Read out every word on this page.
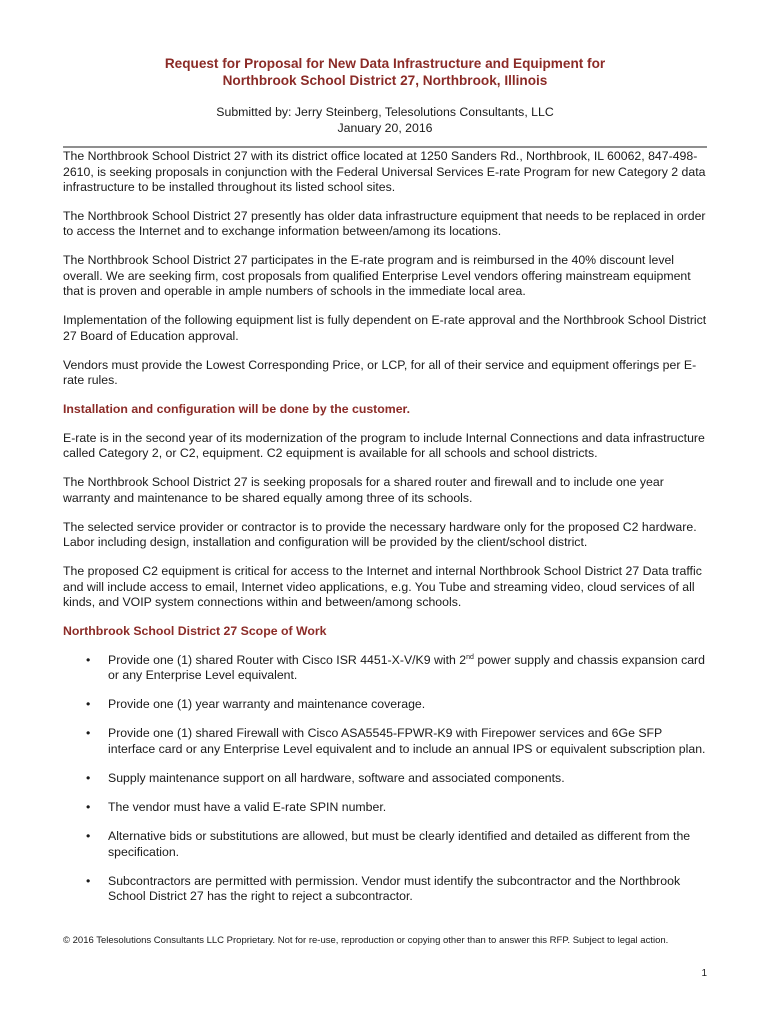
Request for Proposal for New Data Infrastructure and Equipment for
Northbrook School District 27, Northbrook, Illinois
Submitted by: Jerry Steinberg, Telesolutions Consultants, LLC
January 20, 2016

The Northbrook School District 27 with its district office located at 1250 Sanders Rd., Northbrook, IL 60062, 847-498-2610, is seeking proposals in conjunction with the Federal Universal Services E-rate Program for new Category 2 data infrastructure to be installed throughout its listed school sites.

The Northbrook School District 27 presently has older data infrastructure equipment that needs to be replaced in order to access the Internet and to exchange information between/among its locations.

The Northbrook School District 27 participates in the E-rate program and is reimbursed in the 40% discount level overall. We are seeking firm, cost proposals from qualified Enterprise Level vendors offering mainstream equipment that is proven and operable in ample numbers of schools in the immediate local area.

Implementation of the following equipment list is fully dependent on E-rate approval and the Northbrook School District 27 Board of Education approval.

Vendors must provide the Lowest Corresponding Price, or LCP, for all of their service and equipment offerings per E-rate rules.

Installation and configuration will be done by the customer.

E-rate is in the second year of its modernization of the program to include Internal Connections and data infrastructure called Category 2, or C2, equipment. C2 equipment is available for all schools and school districts.

The Northbrook School District 27 is seeking proposals for a shared router and firewall and to include one year warranty and maintenance to be shared equally among three of its schools.

The selected service provider or contractor is to provide the necessary hardware only for the proposed C2 hardware. Labor including design, installation and configuration will be provided by the client/school district.

The proposed C2 equipment is critical for access to the Internet and internal Northbrook School District 27 Data traffic and will include access to email, Internet video applications, e.g. You Tube and streaming video, cloud services of all kinds, and VOIP system connections within and between/among schools.

Northbrook School District 27 Scope of Work
• Provide one (1) shared Router with Cisco ISR 4451-X-V/K9 with 2nd power supply and chassis expansion card or any Enterprise Level equivalent.
• Provide one (1) year warranty and maintenance coverage.
• Provide one (1) shared Firewall with Cisco ASA5545-FPWR-K9 with Firepower services and 6Ge SFP interface card or any Enterprise Level equivalent and to include an annual IPS or equivalent subscription plan.
• Supply maintenance support on all hardware, software and associated components.
• The vendor must have a valid E-rate SPIN number.
• Alternative bids or substitutions are allowed, but must be clearly identified and detailed as different from the specification.
• Subcontractors are permitted with permission. Vendor must identify the subcontractor and the Northbrook School District 27 has the right to reject a subcontractor.
© 2016 Telesolutions Consultants LLC Proprietary. Not for re-use, reproduction or copying other than to answer this RFP. Subject to legal action.
1
